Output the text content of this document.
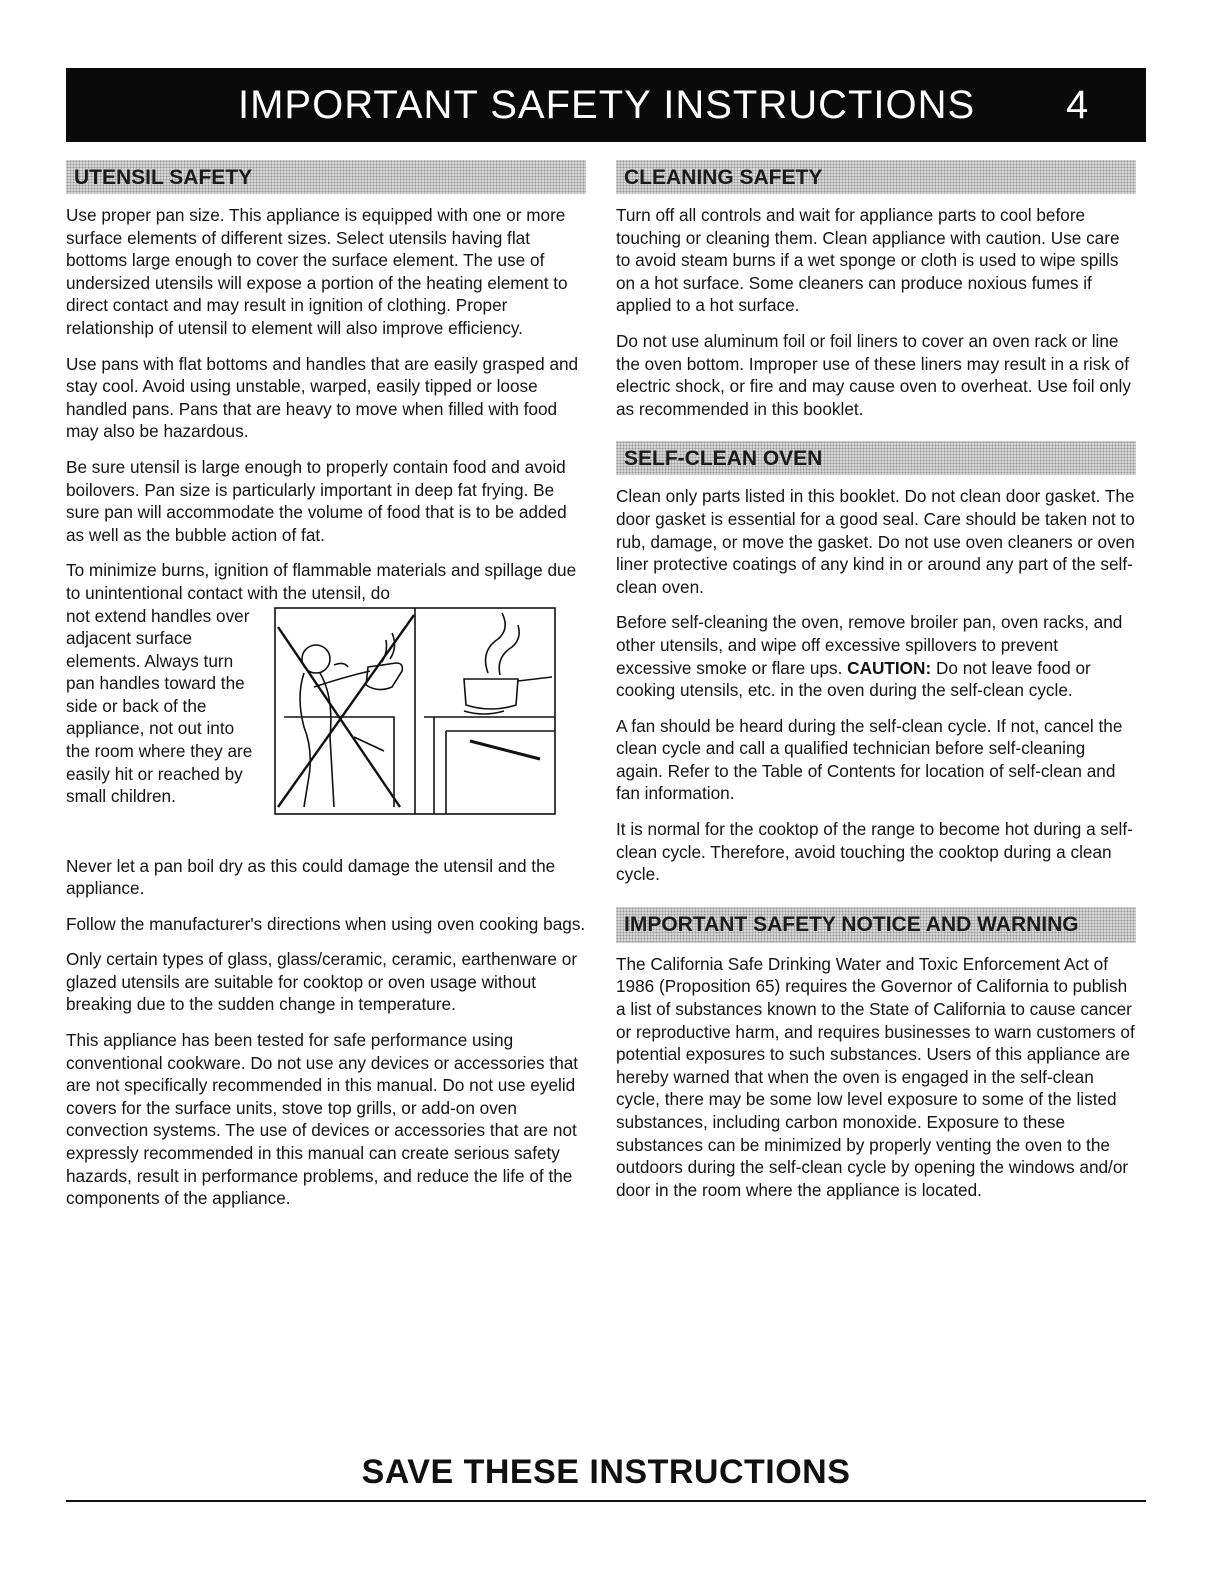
IMPORTANT SAFETY INSTRUCTIONS 4
UTENSIL SAFETY

Use proper pan size. This appliance is equipped with one or more surface elements of different sizes. Select utensils having flat bottoms large enough to cover the surface element. The use of undersized utensils will expose a portion of the heating element to direct contact and may result in ignition of clothing. Proper relationship of utensil to element will also improve efficiency.

Use pans with flat bottoms and handles that are easily grasped and stay cool. Avoid using unstable, warped, easily tipped or loose handled pans. Pans that are heavy to move when filled with food may also be hazardous.

Be sure utensil is large enough to properly contain food and avoid boilovers. Pan size is particularly important in deep fat frying. Be sure pan will accommodate the volume of food that is to be added as well as the bubble action of fat.

To minimize burns, ignition of flammable materials and spillage due to unintentional contact with the utensil, do

not extend handles over adjacent surface elements. Always turn pan handles toward the side or back of the appliance, not out into the room where they are easily hit or reached by small children.

Never let a pan boil dry as this could damage the utensil and the appliance.

Follow the manufacturer's directions when using oven cooking bags.

Only certain types of glass, glass/ceramic, ceramic, earthenware or glazed utensils are suitable for cooktop or oven usage without breaking due to the sudden change in temperature.

This appliance has been tested for safe performance using conventional cookware. Do not use any devices or accessories that are not specifically recommended in this manual. Do not use eyelid covers for the surface units, stove top grills, or add-on oven convection systems. The use of devices or accessories that are not expressly recommended in this manual can create serious safety hazards, result in performance problems, and reduce the life of the components of the appliance.

CLEANING SAFETY

Turn off all controls and wait for appliance parts to cool before touching or cleaning them. Clean appliance with caution. Use care to avoid steam burns if a wet sponge or cloth is used to wipe spills on a hot surface. Some cleaners can produce noxious fumes if applied to a hot surface.

Do not use aluminum foil or foil liners to cover an oven rack or line the oven bottom. Improper use of these liners may result in a risk of electric shock, or fire and may cause oven to overheat. Use foil only as recommended in this booklet.

SELF-CLEAN OVEN

Clean only parts listed in this booklet. Do not clean door gasket. The door gasket is essential for a good seal. Care should be taken not to rub, damage, or move the gasket. Do not use oven cleaners or oven liner protective coatings of any kind in or around any part of the self-clean oven.

Before self-cleaning the oven, remove broiler pan, oven racks, and other utensils, and wipe off excessive spillovers to prevent excessive smoke or flare ups. CAUTION: Do not leave food or cooking utensils, etc. in the oven during the self-clean cycle.

A fan should be heard during the self-clean cycle. If not, cancel the clean cycle and call a qualified technician before self-cleaning again. Refer to the Table of Contents for location of self-clean and fan information.

It is normal for the cooktop of the range to become hot during a self-clean cycle. Therefore, avoid touching the cooktop during a clean cycle.

IMPORTANT SAFETY NOTICE AND WARNING

The California Safe Drinking Water and Toxic Enforcement Act of 1986 (Proposition 65) requires the Governor of California to publish a list of substances known to the State of California to cause cancer or reproductive harm, and requires businesses to warn customers of potential exposures to such substances. Users of this appliance are hereby warned that when the oven is engaged in the self-clean cycle, there may be some low level exposure to some of the listed substances, including carbon monoxide. Exposure to these substances can be minimized by properly venting the oven to the outdoors during the self-clean cycle by opening the windows and/or door in the room where the appliance is located.

SAVE THESE INSTRUCTIONS
